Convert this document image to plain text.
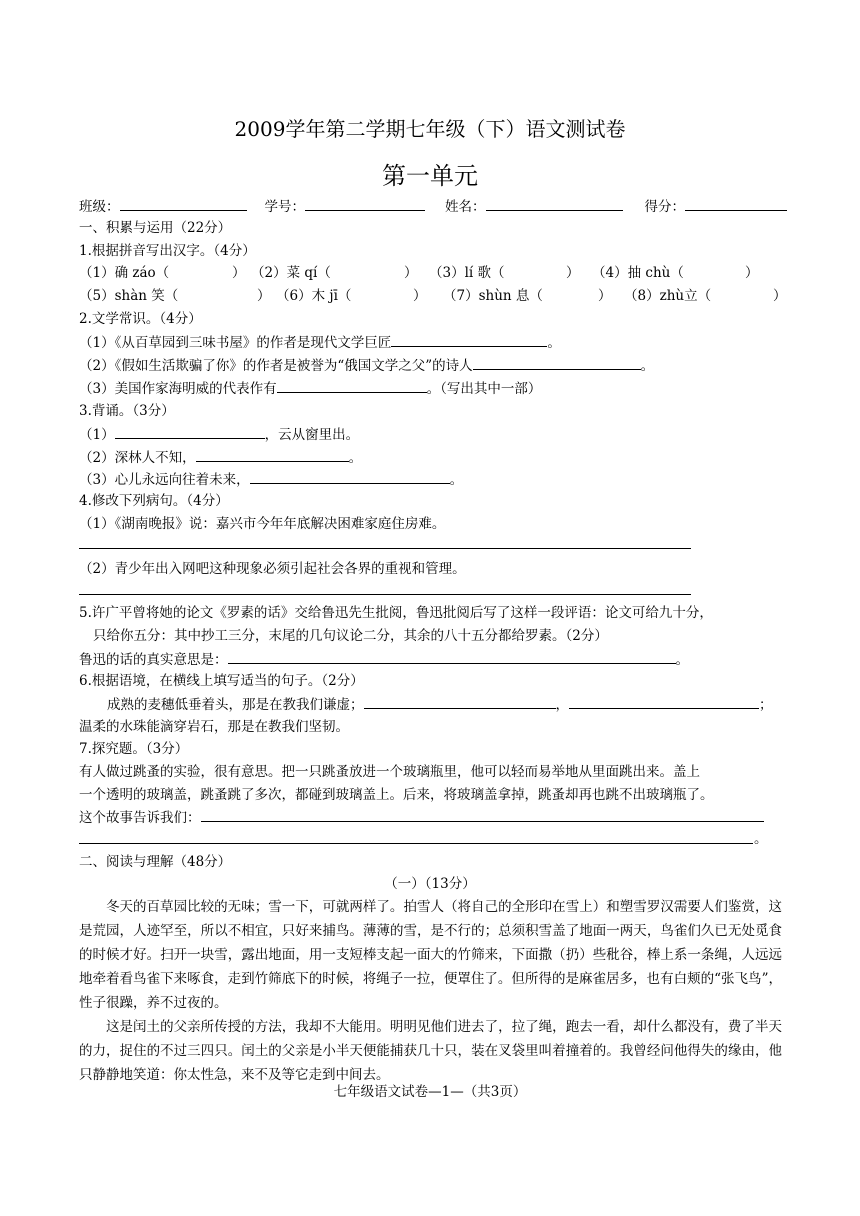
2009学年第二学期七年级（下）语文测试卷
第一单元
班级：	学号：	姓名：	得分：
一、积累与运用（22分）
1.根据拼音写出汉字。（4分）
（1）确 záo（	） （2）菜 qí（	） （3）lí 歌（	） （4）抽 chù（	）
（5）shàn 笑（	） （6）木 jī（	） （7）shùn 息（	） （8）zhù立（	）
2.文学常识。（4分）
（1）《从百草园到三味书屋》的作者是现代文学巨匠	。
（2）《假如生活欺骗了你》的作者是被誉为“俄国文学之父”的诗人	。
（3）美国作家海明威的代表作有	。（写出其中一部）
3.背诵。（3分）
（1）	，云从窗里出。
（2）深林人不知，	。
（3）心儿永远向往着未来，	。
4.修改下列病句。（4分）
（1）《湖南晚报》说：嘉兴市今年年底解决困难家庭住房难。
（2）青少年出入网吧这种现象必须引起社会各界的重视和管理。
5.许广平曾将她的论文《罗素的话》交给鲁迅先生批阅，鲁迅批阅后写了这样一段评语：论文可给九十分，
只给你五分：其中抄工三分，末尾的几句议论二分，其余的八十五分都给罗素。（2分）
鲁迅的话的真实意思是：	。
6.根据语境，在横线上填写适当的句子。（2分）
成熟的麦穗低垂着头，那是在教我们谦虚；	，	；
温柔的水珠能滴穿岩石，那是在教我们坚韧。
7.探究题。（3分）
有人做过跳蚤的实验，很有意思。把一只跳蚤放进一个玻璃瓶里，他可以轻而易举地从里面跳出来。盖上
一个透明的玻璃盖，跳蚤跳了多次，都碰到玻璃盖上。后来，将玻璃盖拿掉，跳蚤却再也跳不出玻璃瓶了。
这个故事告诉我们：
。
二、阅读与理解（48分）
（一）（13分）

冬天的百草园比较的无味；雪一下，可就两样了。拍雪人（将自己的全形印在雪上）和塑雪罗汉需要人们鉴赏，这是荒园，人迹罕至，所以不相宜，只好来捕鸟。薄薄的雪，是不行的；总须积雪盖了地面一两天，鸟雀们久已无处觅食的时候才好。扫开一块雪，露出地面，用一支短棒支起一面大的竹筛来，下面撒（扔）些秕谷，棒上系一条绳，人远远地牵着看鸟雀下来啄食，走到竹筛底下的时候，将绳子一拉，便罩住了。但所得的是麻雀居多，也有白颊的“张飞鸟”，性子很躁，养不过夜的。

这是闰土的父亲所传授的方法，我却不大能用。明明见他们进去了，拉了绳，跑去一看，却什么都没有，费了半天的力，捉住的不过三四只。闰土的父亲是小半天便能捕获几十只，装在叉袋里叫着撞着的。我曾经问他得失的缘由，他只静静地笑道：你太性急，来不及等它走到中间去。

七年级语文试卷—1—（共3页）
